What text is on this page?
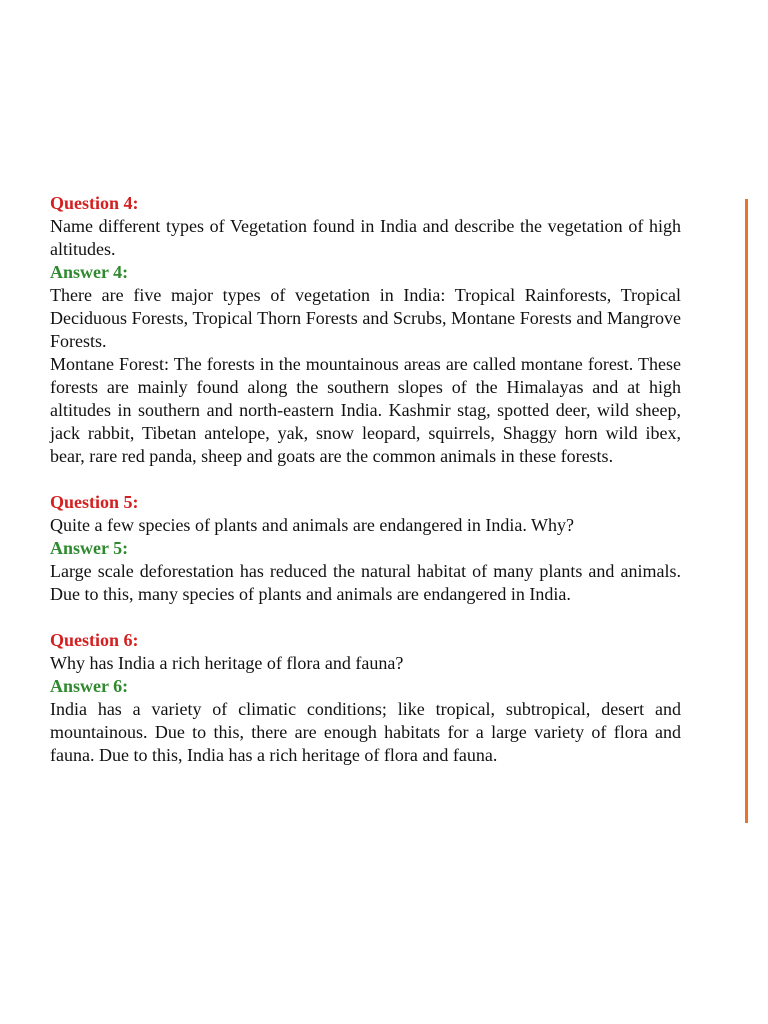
Question 4:

Name different types of Vegetation found in India and describe the vegetation of high altitudes.

Answer 4:

There are five major types of vegetation in India: Tropical Rainforests, Tropical Deciduous Forests, Tropical Thorn Forests and Scrubs, Montane Forests and Mangrove Forests.

Montane Forest: The forests in the mountainous areas are called montane forest. These forests are mainly found along the southern slopes of the Himalayas and at high altitudes in southern and north-eastern India. Kashmir stag, spotted deer, wild sheep, jack rabbit, Tibetan antelope, yak, snow leopard, squirrels, Shaggy horn wild ibex, bear, rare red panda, sheep and goats are the common animals in these forests.

Question 5:

Quite a few species of plants and animals are endangered in India. Why?

Answer 5:

Large scale deforestation has reduced the natural habitat of many plants and animals. Due to this, many species of plants and animals are endangered in India.

Question 6:

Why has India a rich heritage of flora and fauna?

Answer 6:

India has a variety of climatic conditions; like tropical, subtropical, desert and mountainous. Due to this, there are enough habitats for a large variety of flora and fauna. Due to this, India has a rich heritage of flora and fauna.
